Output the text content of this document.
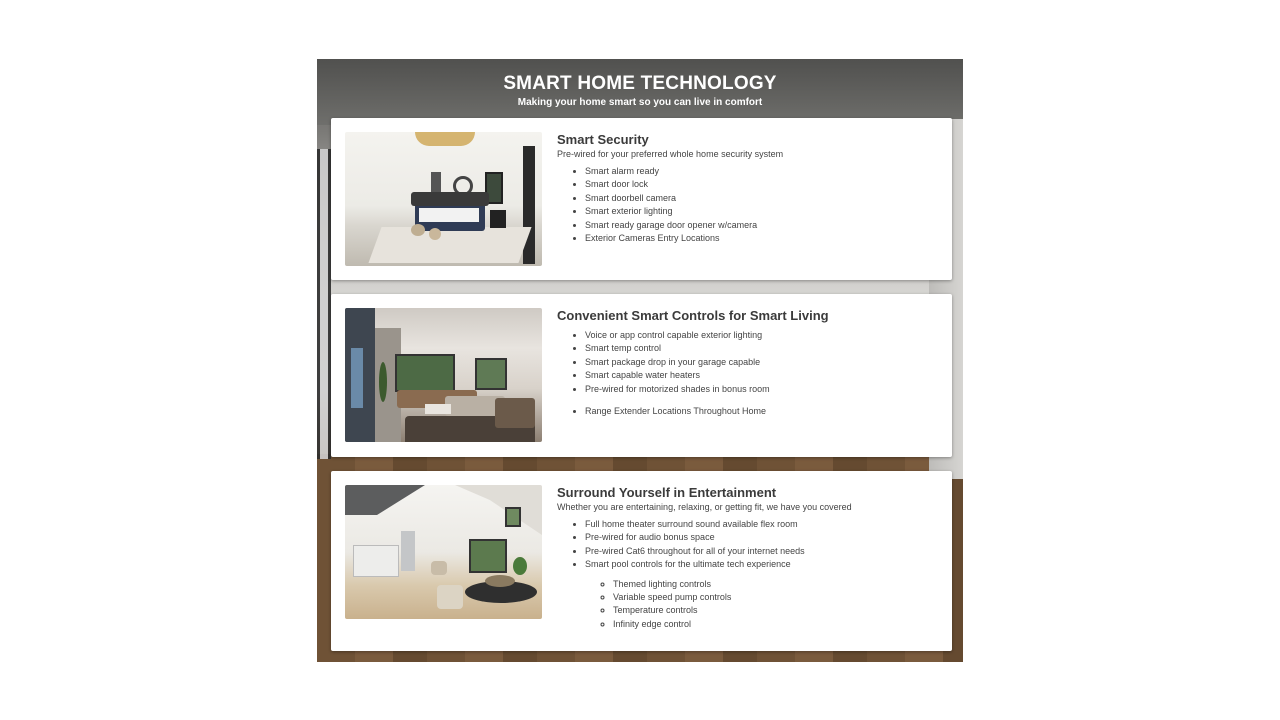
SMART HOME TECHNOLOGY
Making your home smart so you can live in comfort
Smart Security
Pre-wired for your preferred whole home security system
• Smart alarm ready
• Smart door lock
• Smart doorbell camera
• Smart exterior lighting
• Smart ready garage door opener w/camera
• Exterior Cameras Entry Locations
Convenient Smart Controls for Smart Living
• Voice or app control capable exterior lighting
• Smart temp control
• Smart package drop in your garage capable
• Smart capable water heaters
• Pre-wired for motorized shades in bonus room
• Range Extender Locations Throughout Home
Surround Yourself in Entertainment
Whether you are entertaining, relaxing, or getting fit, we have you covered
• Full home theater surround sound available flex room
• Pre-wired for audio bonus space
• Pre-wired Cat6 throughout for all of your internet needs
• Smart pool controls for the ultimate tech experience
◦ Themed lighting controls
◦ Variable speed pump controls
◦ Temperature controls
◦ Infinity edge control
